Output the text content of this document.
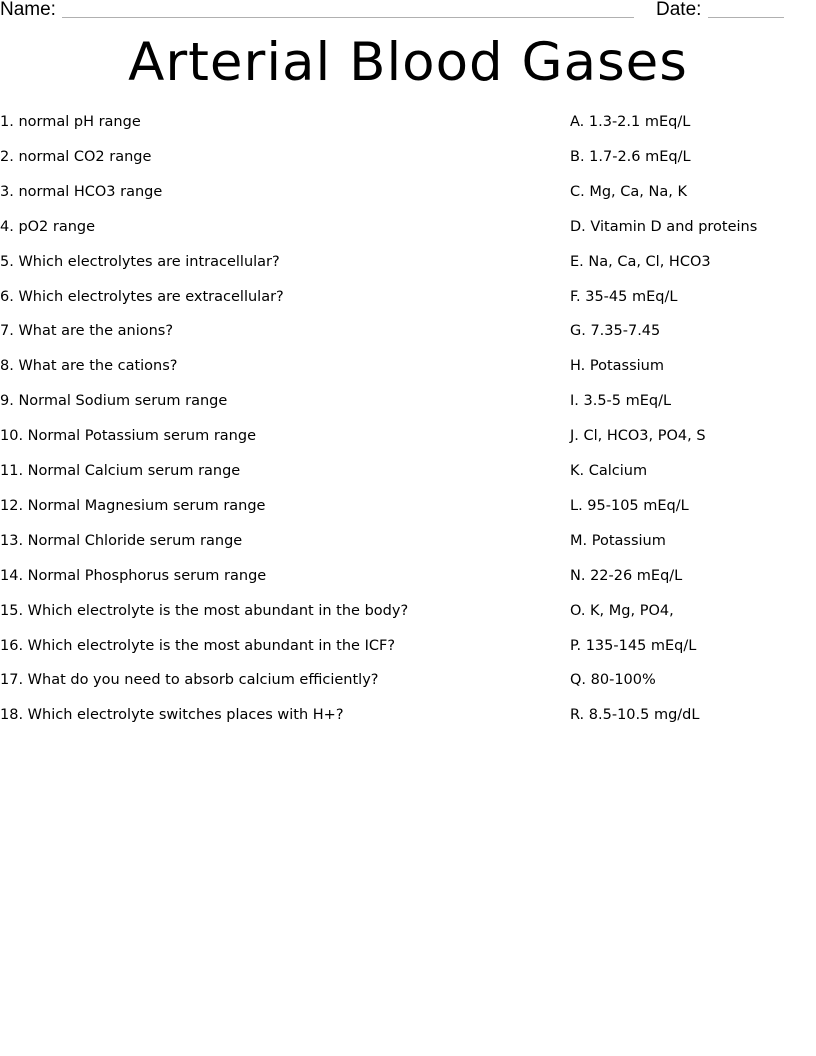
Name:	Date:
Arterial Blood Gases
1. normal pH range
2. normal CO2 range
3. normal HCO3 range
4. pO2 range
5. Which electrolytes are intracellular?
6. Which electrolytes are extracellular?
7. What are the anions?
8. What are the cations?
9. Normal Sodium serum range
10. Normal Potassium serum range
11. Normal Calcium serum range
12. Normal Magnesium serum range
13. Normal Chloride serum range
14. Normal Phosphorus serum range
15. Which electrolyte is the most abundant in the body?
16. Which electrolyte is the most abundant in the ICF?
17. What do you need to absorb calcium efficiently?
18. Which electrolyte switches places with H+?
A. 1.3-2.1 mEq/L
B. 1.7-2.6 mEq/L
C. Mg, Ca, Na, K
D. Vitamin D and proteins
E. Na, Ca, Cl, HCO3
F. 35-45 mEq/L
G. 7.35-7.45
H. Potassium
I. 3.5-5 mEq/L
J. Cl, HCO3, PO4, S
K. Calcium
L. 95-105 mEq/L
M. Potassium
N. 22-26 mEq/L
O. K, Mg, PO4,
P. 135-145 mEq/L
Q. 80-100%
R. 8.5-10.5 mg/dL
